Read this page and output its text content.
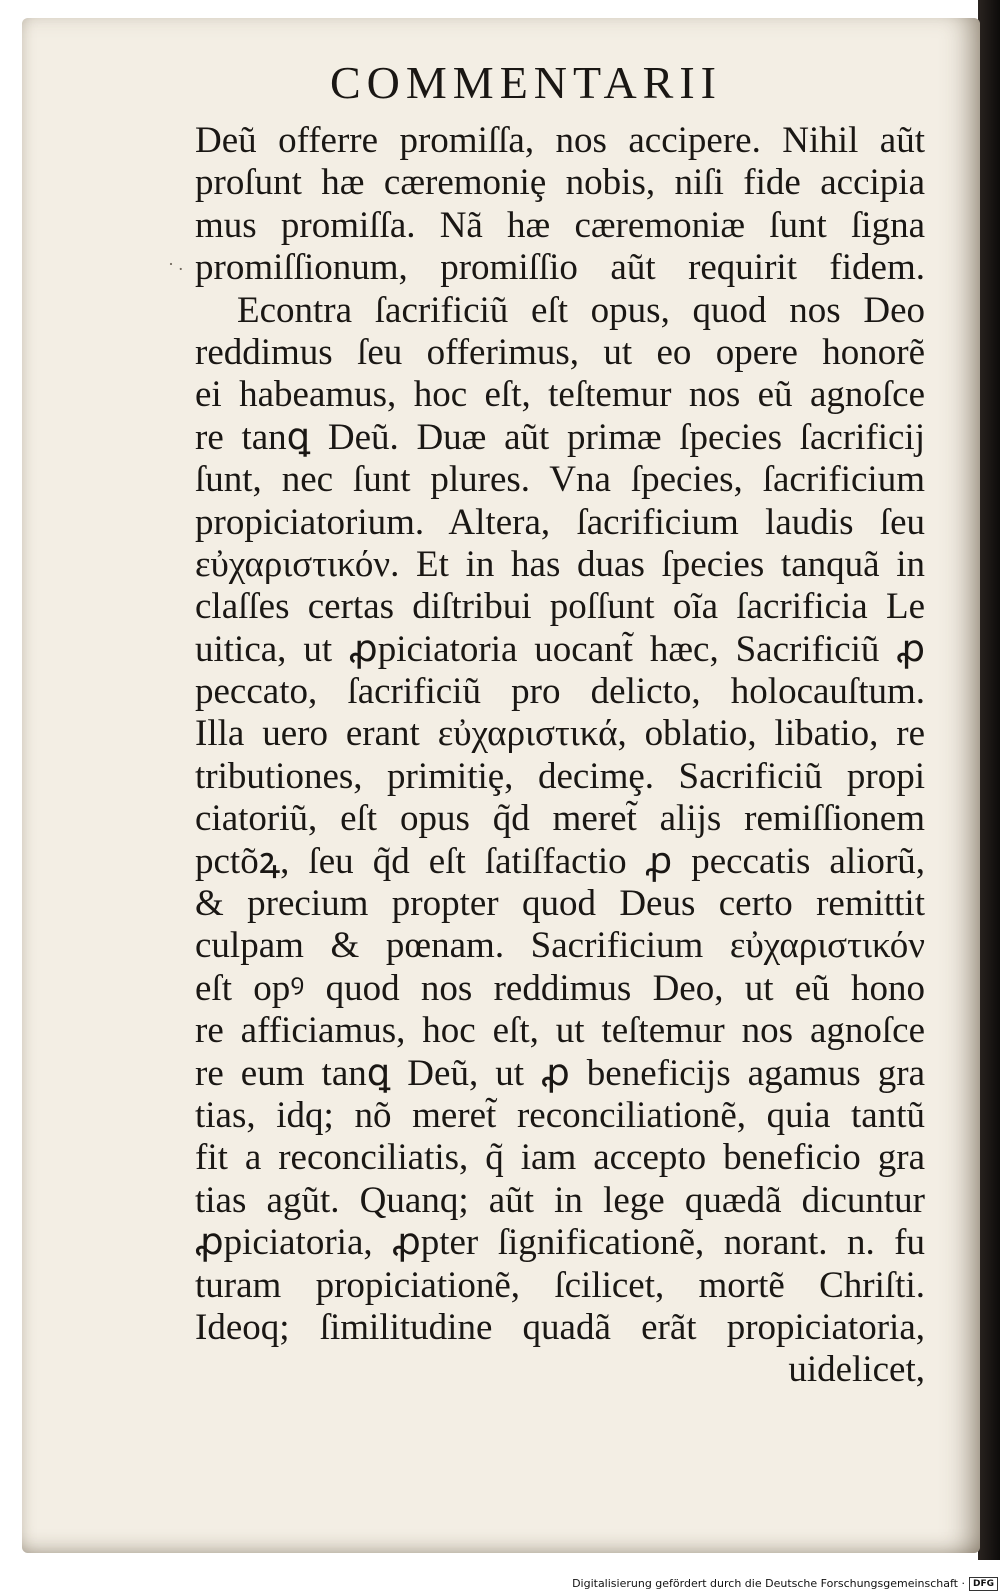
COMMENTARII
· .
Deũ offerre promiſſa, nos accipere. Nihil aũt
proſunt hæ cæremoniȩ nobis, niſi fide accipia
mus promiſſa. Nã hæ cæremoniæ ſunt ſigna
promiſſionum, promiſſio aũt requirit fidem.
Econtra ſacrificiũ eſt opus, quod nos Deo
reddimus ſeu offerimus, ut eo opere honorẽ
ei habeamus, hoc eſt, teſtemur nos eũ agnoſce
re tanꝗ Deũ. Duæ aũt primæ ſpecies ſacrificij
ſunt, nec ſunt plures. Vna ſpecies, ſacrificium
propiciatorium. Altera, ſacrificium laudis ſeu
εὐχαριστικόν. Et in has duas ſpecies tanquã in
claſſes certas diſtribui poſſunt oĩa ſacrificia Le
uitica, ut ꝓpiciatoria uocant̃ hæc, Sacrificiũ ꝓ
peccato, ſacrificiũ pro delicto, holocauſtum.
Illa uero erant εὐχαριστικά, oblatio, libatio, re
tributiones, primitiȩ, decimȩ. Sacrificiũ propi
ciatoriũ, eſt opus q̃d meret̃ alijs remiſſionem
pctõꝝ, ſeu q̃d eſt ſatiſfactio ꝓ peccatis aliorũ,
& precium propter quod Deus certo remittit
culpam & pœnam. Sacrificium εὐχαριστικόν
eſt opꝰ quod nos reddimus Deo, ut eũ hono
re afficiamus, hoc eſt, ut teſtemur nos agnoſce
re eum tanꝗ Deũ, ut ꝓ beneficijs agamus gra
tias, idq; nõ meret̃ reconciliationẽ, quia tantũ
fit a reconciliatis, q̃ iam accepto beneficio gra
tias agũt. Quanq; aũt in lege quædã dicuntur
ꝓpiciatoria, ꝓpter ſignificationẽ, norant. n. fu
turam propiciationẽ, ſcilicet, mortẽ Chriſti.
Ideoq; ſimilitudine quadã erãt propiciatoria,
uidelicet,
Digitalisierung gefördert durch die Deutsche Forschungsgemeinschaft · DFG
